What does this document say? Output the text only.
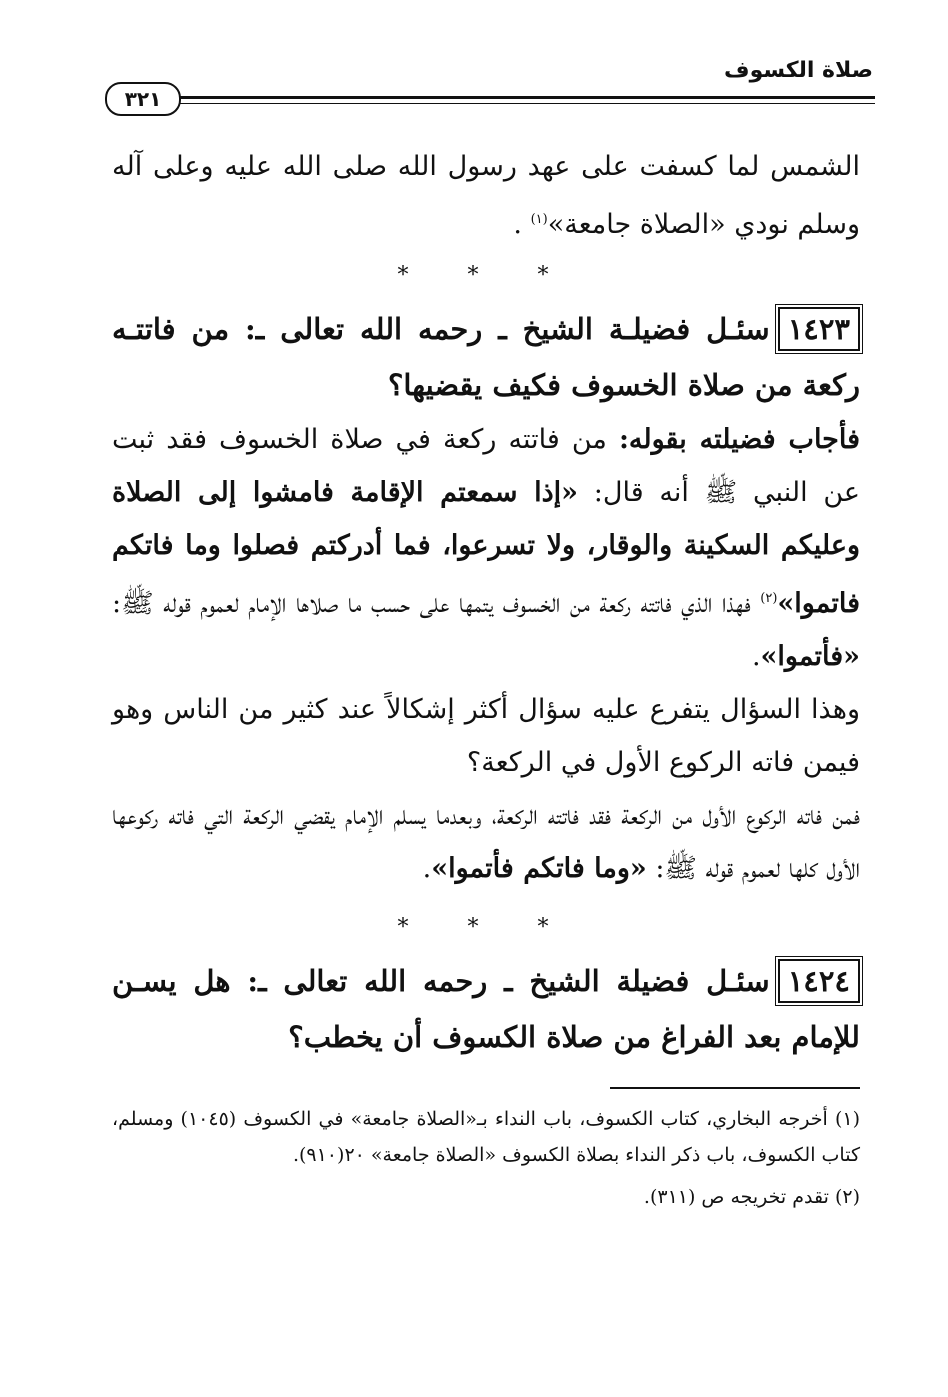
صلاة الكسوف
٣٢١

الشمس لما كسفت على عهد رسول الله صلى الله عليه وعلى آله وسلم نودي «الصلاة جامعة»$^{(١)}$ .

* * *

١٤٢٣سئـل فضيلـة الشيخ ـ رحمه الله تعالى ـ: من فاتتـه ركعة من صلاة الخسوف فكيف يقضيها؟

فأجاب فضيلته بقوله: من فاتته ركعة في صلاة الخسوف فقد ثبت عن النبي ﷺ أنه قال: «إذا سمعتم الإقامة فامشوا إلى الصلاة وعليكم السكينة والوقار، ولا تسرعوا، فما أدركتم فصلوا وما فاتكم فاتموا»$^{(٢)}$ فهذا الذي فاتته ركعة من الخسوف يتمها على حسب ما صلاها الإمام لعموم قوله ﷺ: «فأتموا».

وهذا السؤال يتفرع عليه سؤال أكثر إشكالاً عند كثير من الناس وهو فيمن فاته الركوع الأول في الركعة؟

فمن فاته الركوع الأول من الركعة فقد فاتته الركعة، وبعدما يسلم الإمام يقضي الركعة التي فاته ركوعها الأول كلها لعموم قوله ﷺ: «وما فاتكم فأتموا».

* * *

١٤٢٤سئـل فضيلة الشيخ ـ رحمه الله تعالى ـ: هل يسـن للإمام بعد الفراغ من صلاة الكسوف أن يخطب؟

(١) أخرجه البخاري، كتاب الكسوف، باب النداء بـ«الصلاة جامعة» في الكسوف (١٠٤٥) ومسلم، كتاب الكسوف، باب ذكر النداء بصلاة الكسوف «الصلاة جامعة» ٢٠(٩١٠).

(٢) تقدم تخريجه ص (٣١١).
